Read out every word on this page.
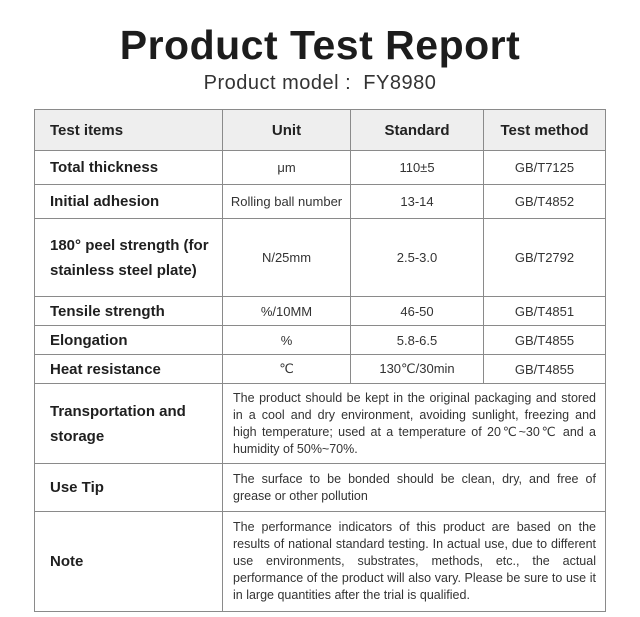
Product Test Report
Product model :  FY8980
Test items	Unit	Standard	Test method
Total thickness	μm	110±5	GB/T7125
Initial adhesion	Rolling ball number	13-14	GB/T4852
180° peel strength (for stainless steel plate)	N/25mm	2.5-3.0	GB/T2792
Tensile strength	%/10MM	46-50	GB/T4851
Elongation	%	5.8-6.5	GB/T4855
Heat resistance	℃	130℃/30min	GB/T4855
Transportation and storage	The product should be kept in the original packaging and stored in a cool and dry environment, avoiding sunlight, freezing and high temperature; used at a temperature of 20℃~30℃ and a humidity of 50%~70%.		
Use Tip	The surface to be bonded should be clean, dry, and free of grease or other pollution		
Note	The performance indicators of this product are based on the results of national standard testing. In actual use, due to different use environments, substrates, methods, etc., the actual performance of the product will also vary. Please be sure to use it in large quantities after the trial is qualified.		
